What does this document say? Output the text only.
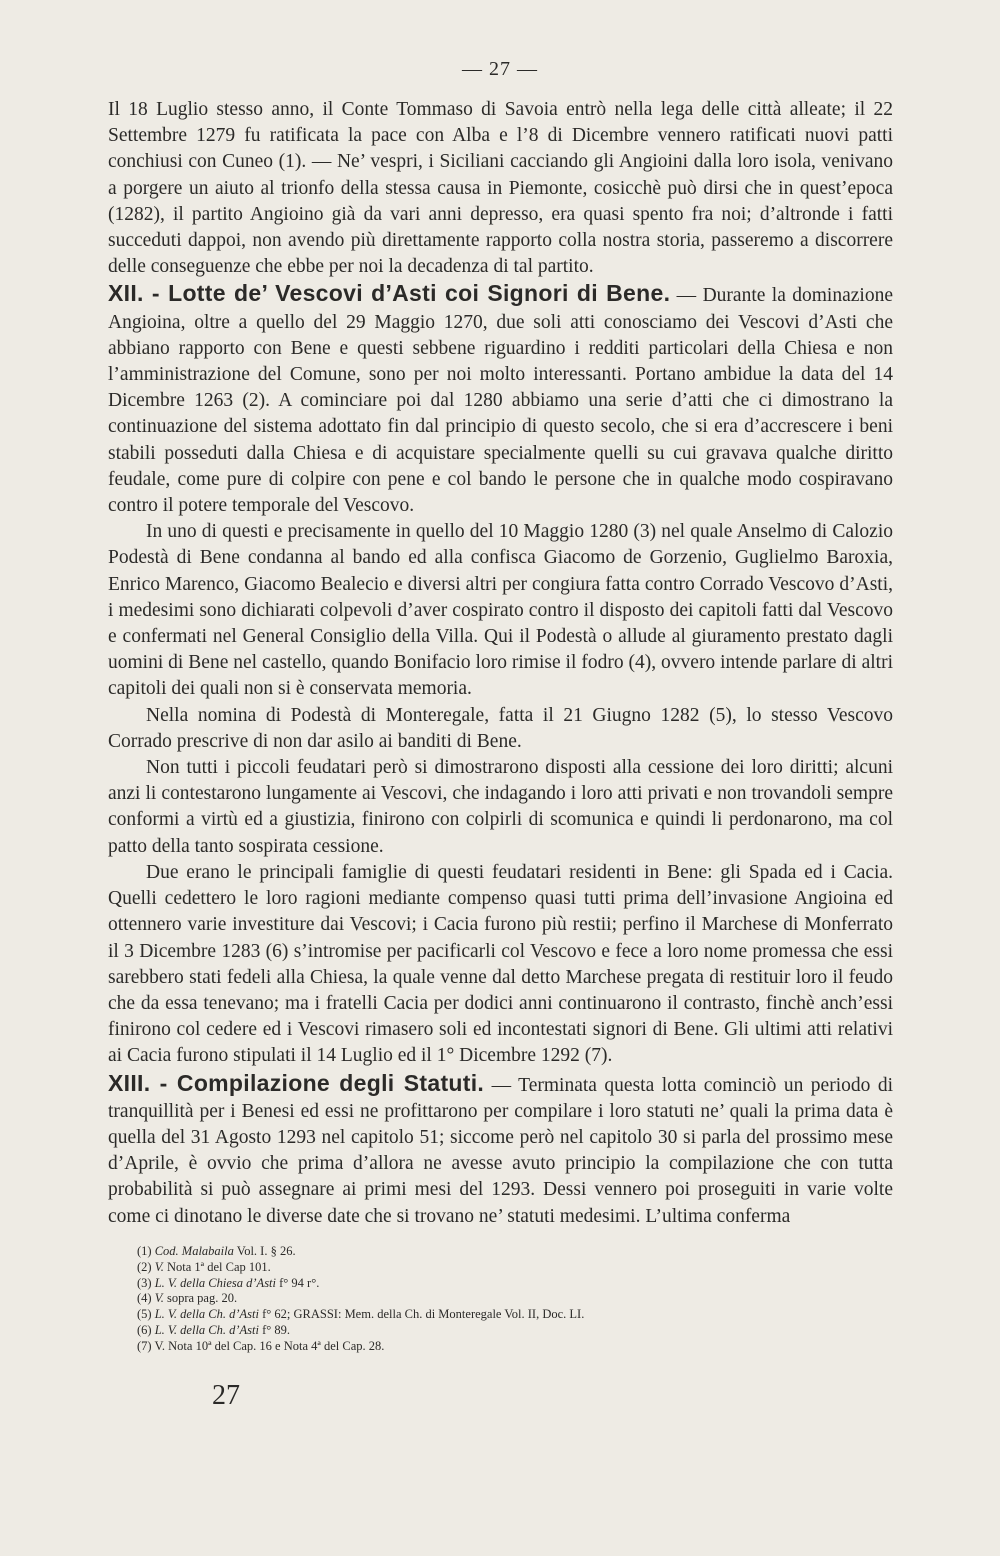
— 27 —

Il 18 Luglio stesso anno, il Conte Tommaso di Savoia entrò nella lega delle città alleate; il 22 Settembre 1279 fu ratificata la pace con Alba e l’8 di Dicembre vennero ratificati nuovi patti conchiusi con Cuneo (1). — Ne’ vespri, i Siciliani cacciando gli Angioini dalla loro isola, venivano a porgere un aiuto al trionfo della stessa causa in Piemonte, cosicchè può dirsi che in quest’epoca (1282), il partito Angioino già da vari anni depresso, era quasi spento fra noi; d’altronde i fatti succeduti dappoi, non avendo più direttamente rapporto colla nostra storia, passeremo a discorrere delle conseguenze che ebbe per noi la decadenza di tal partito.

XII. - Lotte de’ Vescovi d’Asti coi Signori di Bene. — Durante la dominazione Angioina, oltre a quello del 29 Maggio 1270, due soli atti conosciamo dei Vescovi d’Asti che abbiano rapporto con Bene e questi sebbene riguardino i redditi particolari della Chiesa e non l’amministrazione del Comune, sono per noi molto interessanti. Portano ambidue la data del 14 Dicembre 1263 (2). A cominciare poi dal 1280 abbiamo una serie d’atti che ci dimostrano la continuazione del sistema adottato fin dal principio di questo secolo, che si era d’accrescere i beni stabili posseduti dalla Chiesa e di acquistare specialmente quelli su cui gravava qualche diritto feudale, come pure di colpire con pene e col bando le persone che in qualche modo cospiravano contro il potere temporale del Vescovo.

In uno di questi e precisamente in quello del 10 Maggio 1280 (3) nel quale Anselmo di Calozio Podestà di Bene condanna al bando ed alla confisca Giacomo de Gorzenio, Guglielmo Baroxia, Enrico Marenco, Giacomo Bealecio e diversi altri per congiura fatta contro Corrado Vescovo d’Asti, i medesimi sono dichiarati colpevoli d’aver cospirato contro il disposto dei capitoli fatti dal Vescovo e confermati nel General Consiglio della Villa. Qui il Podestà o allude al giuramento prestato dagli uomini di Bene nel castello, quando Bonifacio loro rimise il fodro (4), ovvero intende parlare di altri capitoli dei quali non si è conservata memoria.

Nella nomina di Podestà di Monteregale, fatta il 21 Giugno 1282 (5), lo stesso Vescovo Corrado prescrive di non dar asilo ai banditi di Bene.

Non tutti i piccoli feudatari però si dimostrarono disposti alla cessione dei loro diritti; alcuni anzi li contestarono lungamente ai Vescovi, che indagando i loro atti privati e non trovandoli sempre conformi a virtù ed a giustizia, finirono con colpirli di scomunica e quindi li perdonarono, ma col patto della tanto sospirata cessione.

Due erano le principali famiglie di questi feudatari residenti in Bene: gli Spada ed i Cacia. Quelli cedettero le loro ragioni mediante compenso quasi tutti prima dell’invasione Angioina ed ottennero varie investiture dai Vescovi; i Cacia furono più restii; perfino il Marchese di Monferrato il 3 Dicembre 1283 (6) s’intromise per pacificarli col Vescovo e fece a loro nome promessa che essi sarebbero stati fedeli alla Chiesa, la quale venne dal detto Marchese pregata di restituir loro il feudo che da essa tenevano; ma i fratelli Cacia per dodici anni continuarono il contrasto, finchè anch’essi finirono col cedere ed i Vescovi rimasero soli ed incontestati signori di Bene. Gli ultimi atti relativi ai Cacia furono stipulati il 14 Luglio ed il 1° Dicembre 1292 (7).

XIII. - Compilazione degli Statuti. — Terminata questa lotta cominciò un periodo di tranquillità per i Benesi ed essi ne profittarono per compilare i loro statuti ne’ quali la prima data è quella del 31 Agosto 1293 nel capitolo 51; siccome però nel capitolo 30 si parla del prossimo mese d’Aprile, è ovvio che prima d’allora ne avesse avuto principio la compilazione che con tutta probabilità si può assegnare ai primi mesi del 1293. Dessi vennero poi proseguiti in varie volte come ci dinotano le diverse date che si trovano ne’ statuti medesimi. L’ultima conferma

(1) Cod. Malabaila Vol. I. § 26.
(2) V. Nota 1ª del Cap 101.
(3) L. V. della Chiesa d’Asti f° 94 r°.
(4) V. sopra pag. 20.
(5) L. V. della Ch. d’Asti f° 62; GRASSI: Mem. della Ch. di Monteregale Vol. II, Doc. LI.
(6) L. V. della Ch. d’Asti f° 89.
(7) V. Nota 10ª del Cap. 16 e Nota 4ª del Cap. 28.
27
